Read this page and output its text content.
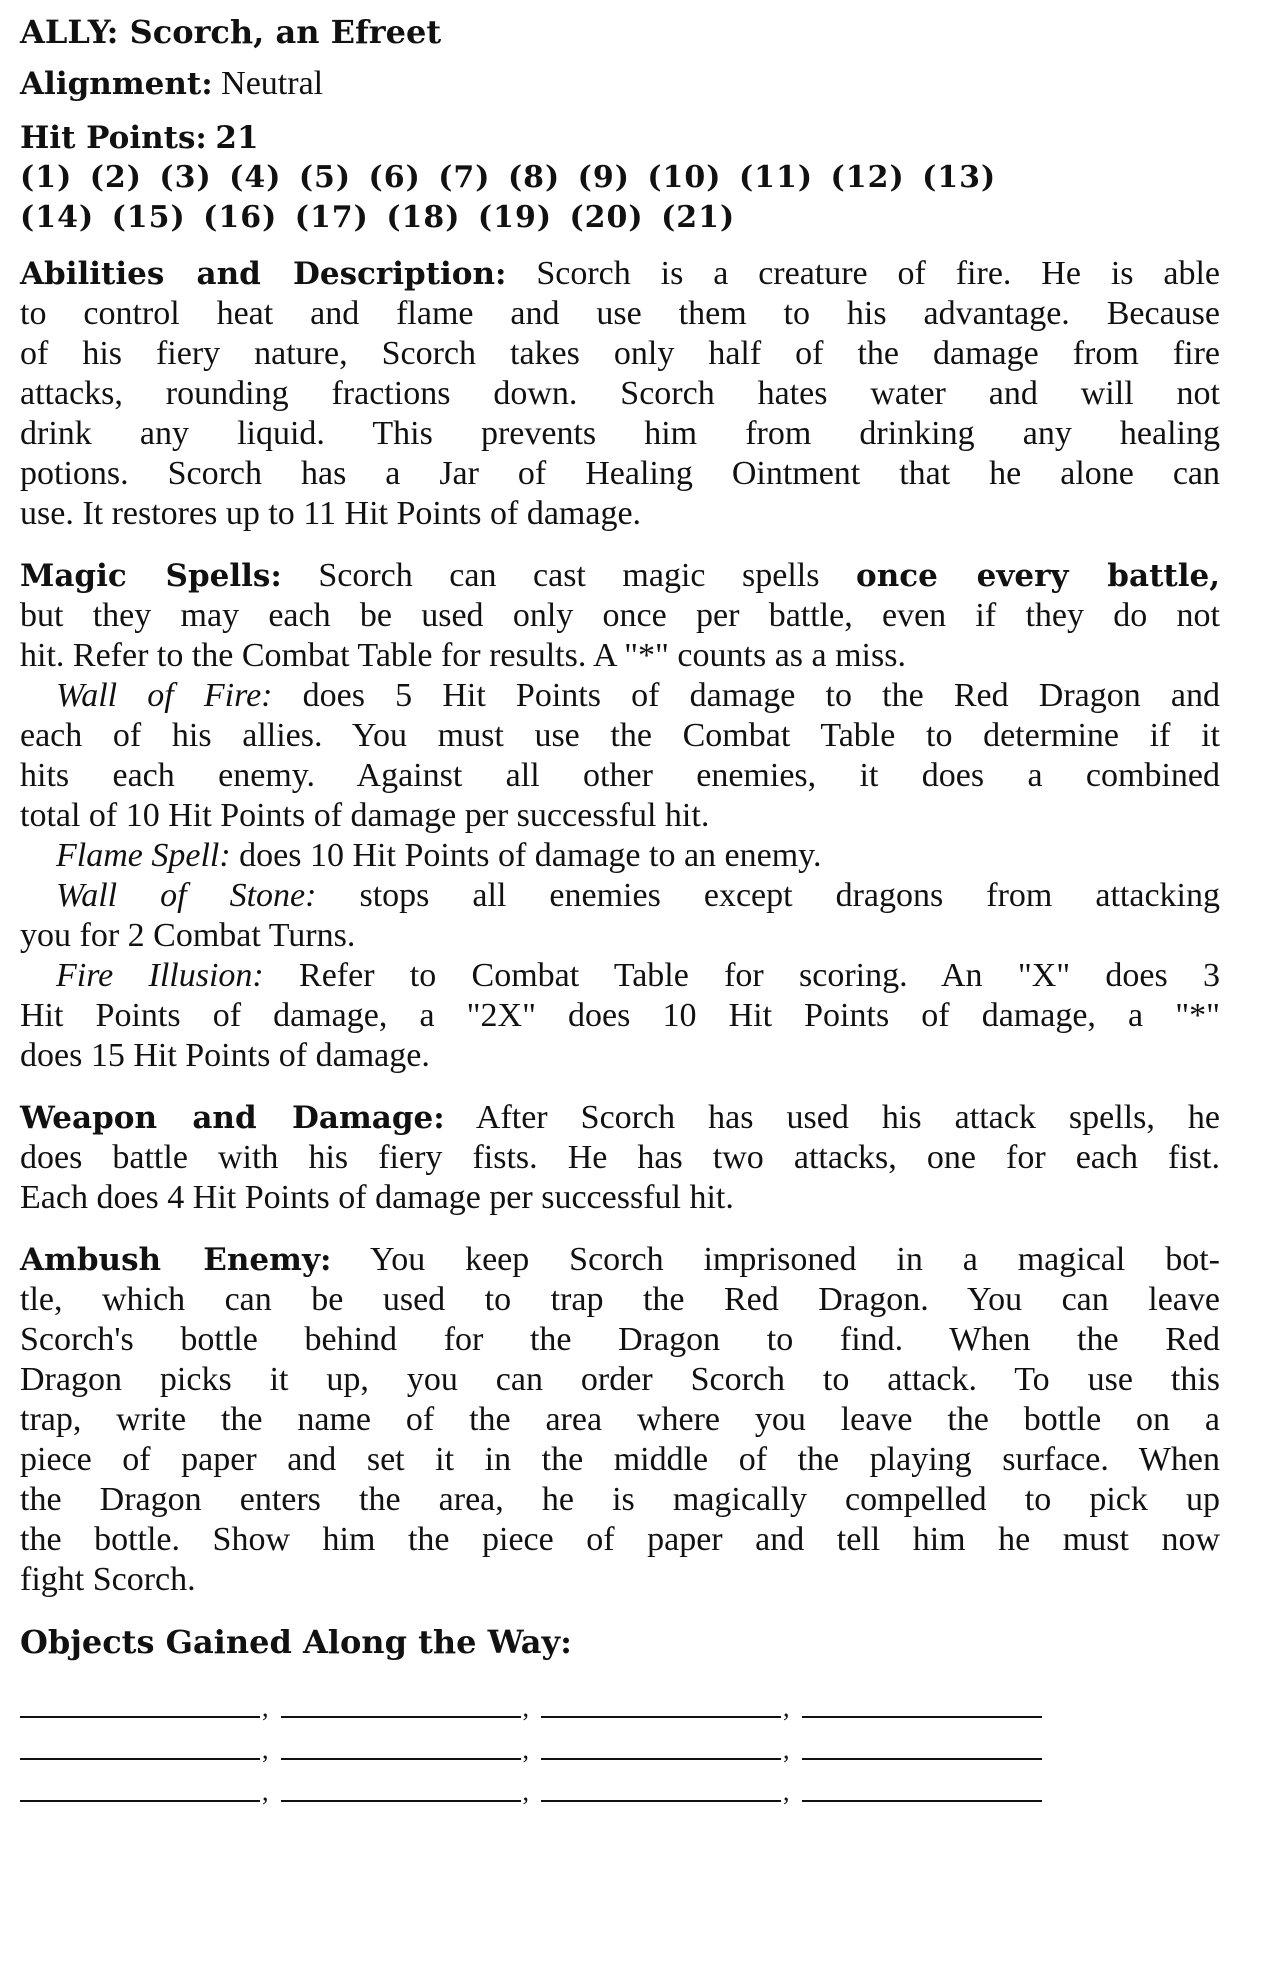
ALLY: Scorch, an Efreet
Alignment: Neutral
Hit Points: 21
(1) (2) (3) (4) (5) (6) (7) (8) (9) (10) (11) (12) (13)
(14) (15) (16) (17) (18) (19) (20) (21)
Abilities and Description: Scorch is a creature of fire. He is able
to control heat and flame and use them to his advantage. Because
of his fiery nature, Scorch takes only half of the damage from fire
attacks, rounding fractions down. Scorch hates water and will not
drink any liquid. This prevents him from drinking any healing
potions. Scorch has a Jar of Healing Ointment that he alone can
use. It restores up to 11 Hit Points of damage.
Magic Spells: Scorch can cast magic spells once every battle,
but they may each be used only once per battle, even if they do not
hit. Refer to the Combat Table for results. A "*" counts as a miss.
Wall of Fire: does 5 Hit Points of damage to the Red Dragon and
each of his allies. You must use the Combat Table to determine if it
hits each enemy. Against all other enemies, it does a combined
total of 10 Hit Points of damage per successful hit.
Flame Spell: does 10 Hit Points of damage to an enemy.
Wall of Stone: stops all enemies except dragons from attacking
you for 2 Combat Turns.
Fire Illusion: Refer to Combat Table for scoring. An "X" does 3
Hit Points of damage, a "2X" does 10 Hit Points of damage, a "*"
does 15 Hit Points of damage.
Weapon and Damage: After Scorch has used his attack spells, he
does battle with his fiery fists. He has two attacks, one for each fist.
Each does 4 Hit Points of damage per successful hit.
Ambush Enemy: You keep Scorch imprisoned in a magical bot-
tle, which can be used to trap the Red Dragon. You can leave
Scorch's bottle behind for the Dragon to find. When the Red
Dragon picks it up, you can order Scorch to attack. To use this
trap, write the name of the area where you leave the bottle on a
piece of paper and set it in the middle of the playing surface. When
the Dragon enters the area, he is magically compelled to pick up
the bottle. Show him the piece of paper and tell him he must now
fight Scorch.
Objects Gained Along the Way:
,	,	,
,	,	,
,	,	,
